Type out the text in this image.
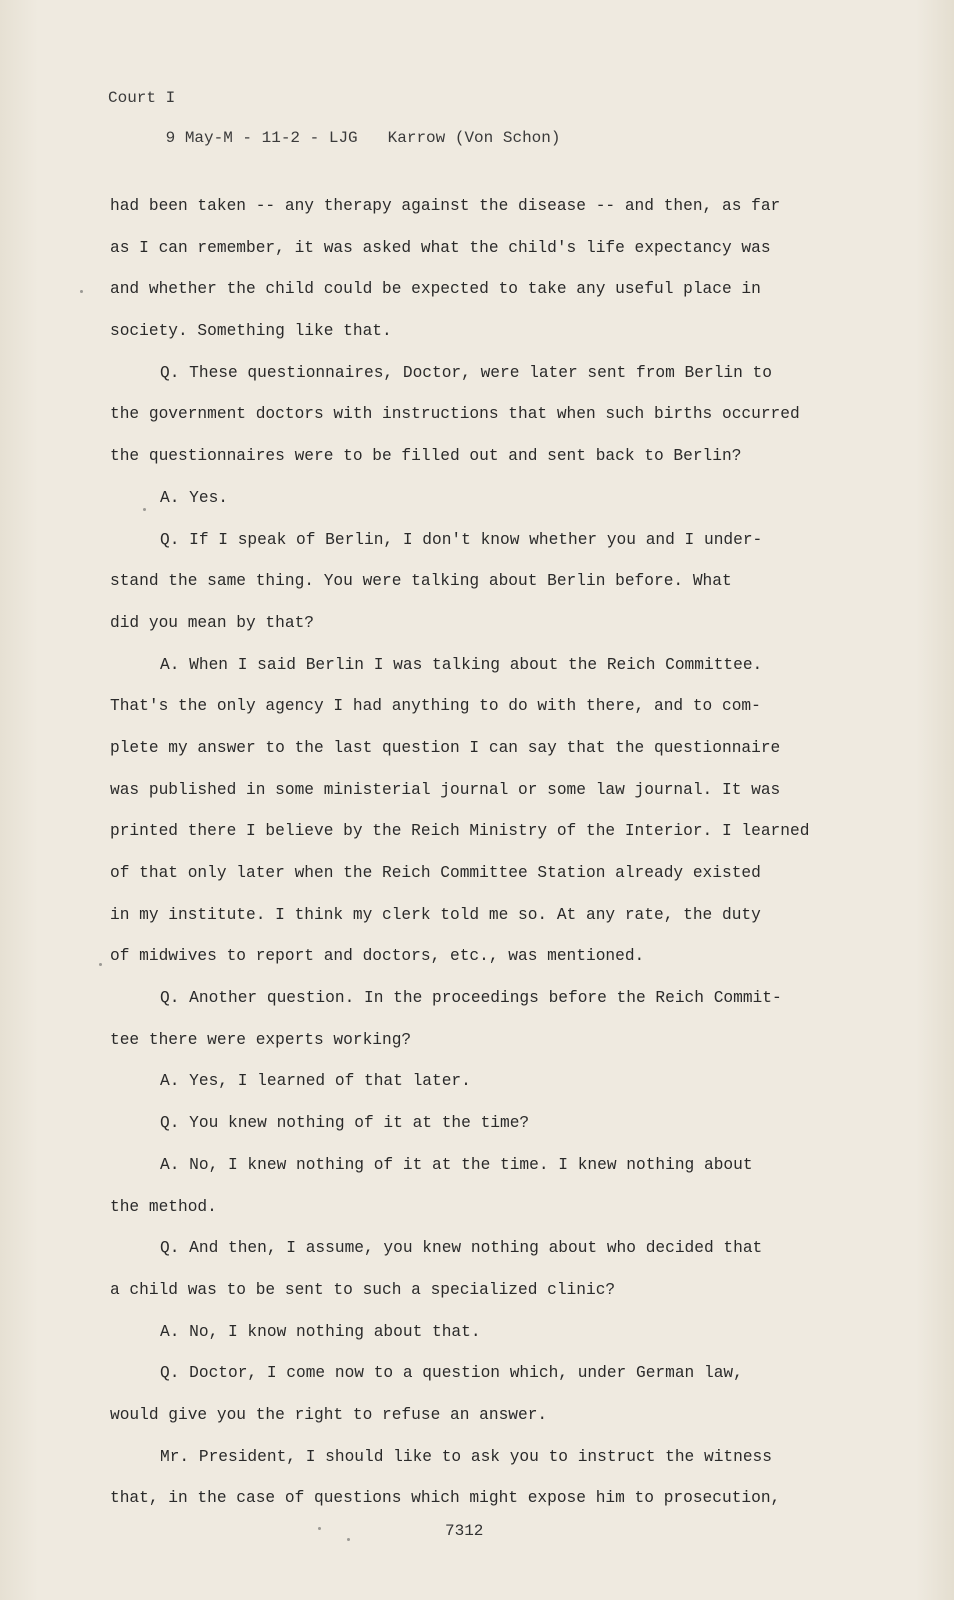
Court I

9 May-M - 11-2 - LJG Karrow (Von Schon)

had been taken -- any therapy against the disease -- and then, as far
as I can remember, it was asked what the child's life expectancy was
and whether the child could be expected to take any useful place in
society. Something like that.
Q. These questionnaires, Doctor, were later sent from Berlin to
the government doctors with instructions that when such births occurred
the questionnaires were to be filled out and sent back to Berlin?
A. Yes.
Q. If I speak of Berlin, I don't know whether you and I under-
stand the same thing. You were talking about Berlin before. What
did you mean by that?
A. When I said Berlin I was talking about the Reich Committee.
That's the only agency I had anything to do with there, and to com-
plete my answer to the last question I can say that the questionnaire
was published in some ministerial journal or some law journal. It was
printed there I believe by the Reich Ministry of the Interior. I learned
of that only later when the Reich Committee Station already existed
in my institute. I think my clerk told me so. At any rate, the duty
of midwives to report and doctors, etc., was mentioned.
Q. Another question. In the proceedings before the Reich Commit-
tee there were experts working?
A. Yes, I learned of that later.
Q. You knew nothing of it at the time?
A. No, I knew nothing of it at the time. I knew nothing about
the method.
Q. And then, I assume, you knew nothing about who decided that
a child was to be sent to such a specialized clinic?
A. No, I know nothing about that.
Q. Doctor, I come now to a question which, under German law,
would give you the right to refuse an answer.
Mr. President, I should like to ask you to instruct the witness
that, in the case of questions which might expose him to prosecution,
7312
